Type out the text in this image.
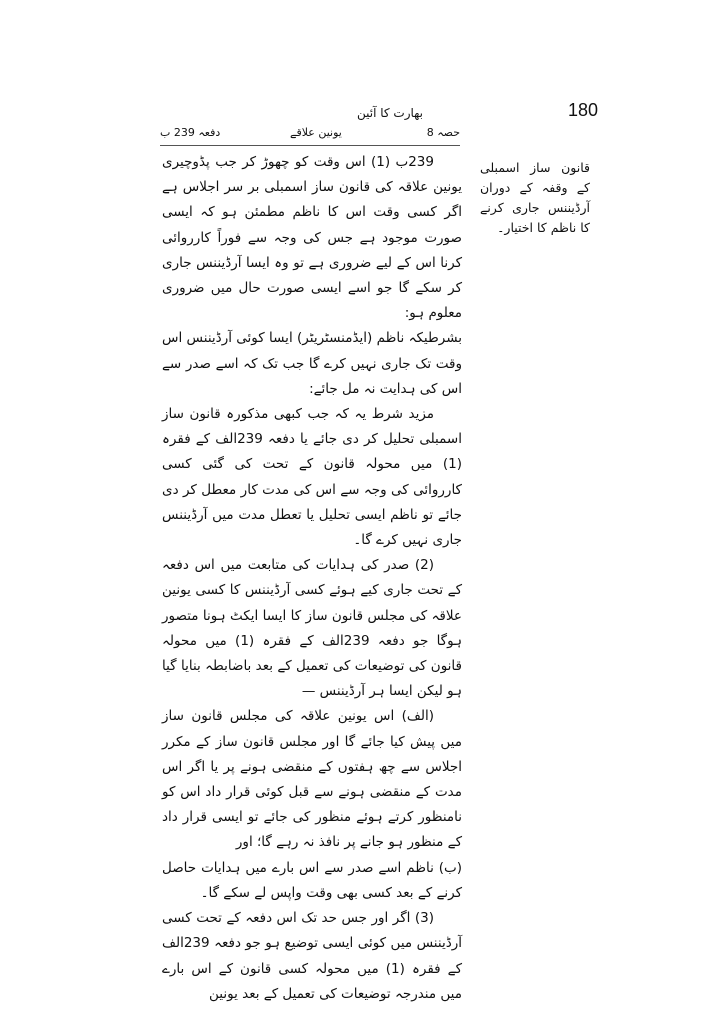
180
بھارت کا آئین
حصہ 8
یونین علاقے
دفعہ 239 ب
قانون ساز اسمبلی کے وقفہ کے دوران آرڈیننس جاری کرنے کا ناظم کا اختیار۔

239ب (1) اس وقت کو چھوڑ کر جب پڈوچیری یونین علاقہ کی قانون ساز اسمبلی بر سر اجلاس ہے اگر کسی وقت اس کا ناظم مطمئن ہو کہ ایسی صورت موجود ہے جس کی وجہ سے فوراً کارروائی کرنا اس کے لیے ضروری ہے تو وہ ایسا آرڈیننس جاری کر سکے گا جو اسے ایسی صورت حال میں ضروری معلوم ہو:

بشرطیکہ ناظم (ایڈمنسٹریٹر) ایسا کوئی آرڈیننس اس وقت تک جاری نہیں کرے گا جب تک کہ اسے صدر سے اس کی ہدایت نہ مل جائے:

مزید شرط یہ کہ جب کبھی مذکورہ قانون ساز اسمبلی تحلیل کر دی جائے یا دفعہ 239الف کے فقرہ (1) میں محولہ قانون کے تحت کی گئی کسی کارروائی کی وجہ سے اس کی مدت کار معطل کر دی جائے تو ناظم ایسی تحلیل یا تعطل مدت میں آرڈیننس جاری نہیں کرے گا۔

(2) صدر کی ہدایات کی متابعت میں اس دفعہ کے تحت جاری کیے ہوئے کسی آرڈیننس کا کسی یونین علاقہ کی مجلس قانون ساز کا ایسا ایکٹ ہونا متصور ہوگا جو دفعہ 239الف کے فقرہ (1) میں محولہ قانون کی توضیعات کی تعمیل کے بعد باضابطہ بنایا گیا ہو لیکن ایسا ہر آرڈیننس —

(الف) اس یونین علاقہ کی مجلس قانون ساز میں پیش کیا جائے گا اور مجلس قانون ساز کے مکرر اجلاس سے چھ ہفتوں کے منقضی ہونے پر یا اگر اس مدت کے منقضی ہونے سے قبل کوئی قرار داد اس کو نامنظور کرتے ہوئے منظور کی جائے تو ایسی قرار داد کے منظور ہو جانے پر نافذ نہ رہے گا؛ اور

(ب) ناظم اسے صدر سے اس بارے میں ہدایات حاصل کرنے کے بعد کسی بھی وقت واپس لے سکے گا۔

(3) اگر اور جس حد تک اس دفعہ کے تحت کسی آرڈیننس میں کوئی ایسی توضیع ہو جو دفعہ 239الف کے فقرہ (1) میں محولہ کسی قانون کے اس بارے میں مندرجہ توضیعات کی تعمیل کے بعد یونین
